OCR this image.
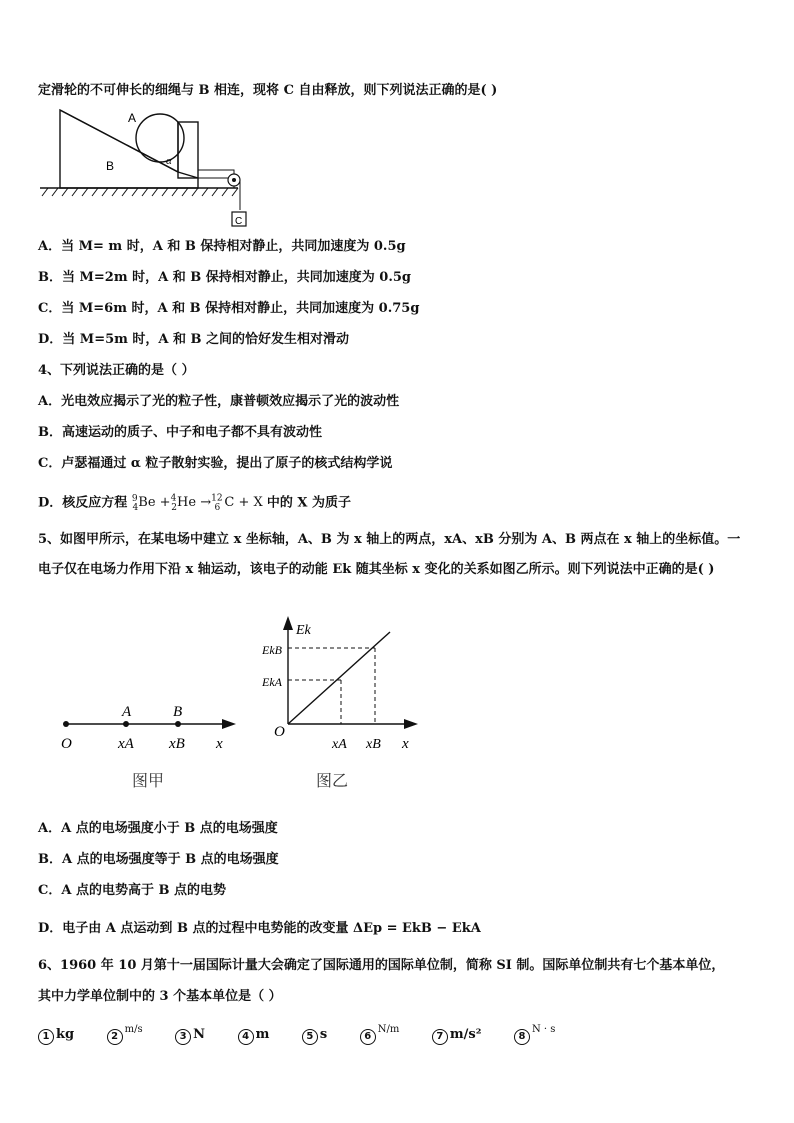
定滑轮的不可伸长的细绳与 B 相连，现将 C 自由释放，则下列说法正确的是( )
A
B	α
C
A．当 M= m 时，A 和 B 保持相对静止，共同加速度为 0.5g
B．当 M=2m 时，A 和 B 保持相对静止，共同加速度为 0.5g
C．当 M=6m 时，A 和 B 保持相对静止，共同加速度为 0.75g
D．当 M=5m 时，A 和 B 之间的恰好发生相对滑动
4、下列说法正确的是（ ）
A．光电效应揭示了光的粒子性，康普顿效应揭示了光的波动性
B．高速运动的质子、中子和电子都不具有波动性
C．卢瑟福通过 α 粒子散射实验，提出了原子的核式结构学说
D．核反应方程 $^9_4$Be +$^4_2$He →$^{12}_6$ C + X 中的 X 为质子
5、如图甲所示，在某电场中建立 x 坐标轴，A、B 为 x 轴上的两点，xA、xB 分别为 A、B 两点在 x 轴上的坐标值。一
电子仅在电场力作用下沿 x 轴运动，该电子的动能 Ek 随其坐标 x 变化的关系如图乙所示。则下列说法中正确的是( )
A	B
O	xA xB x
图甲
Ek
EkB
EkA
O
xA xB x
图乙
A．A 点的电场强度小于 B 点的电场强度
B．A 点的电场强度等于 B 点的电场强度
C．A 点的电势高于 B 点的电势
D．电子由 A 点运动到 B 点的过程中电势能的改变量 ΔEp = EkB − EkA
6、1960 年 10 月第十一届国际计量大会确定了国际通用的国际单位制，简称 SI 制。国际单位制共有七个基本单位，
其中力学单位制中的 3 个基本单位是（ ）
1 kg	$2^{m/s}$ 3 N	4 m	5 s	$6^{N/m}$ 7 m/s²	$8^{N \cdot s}$
